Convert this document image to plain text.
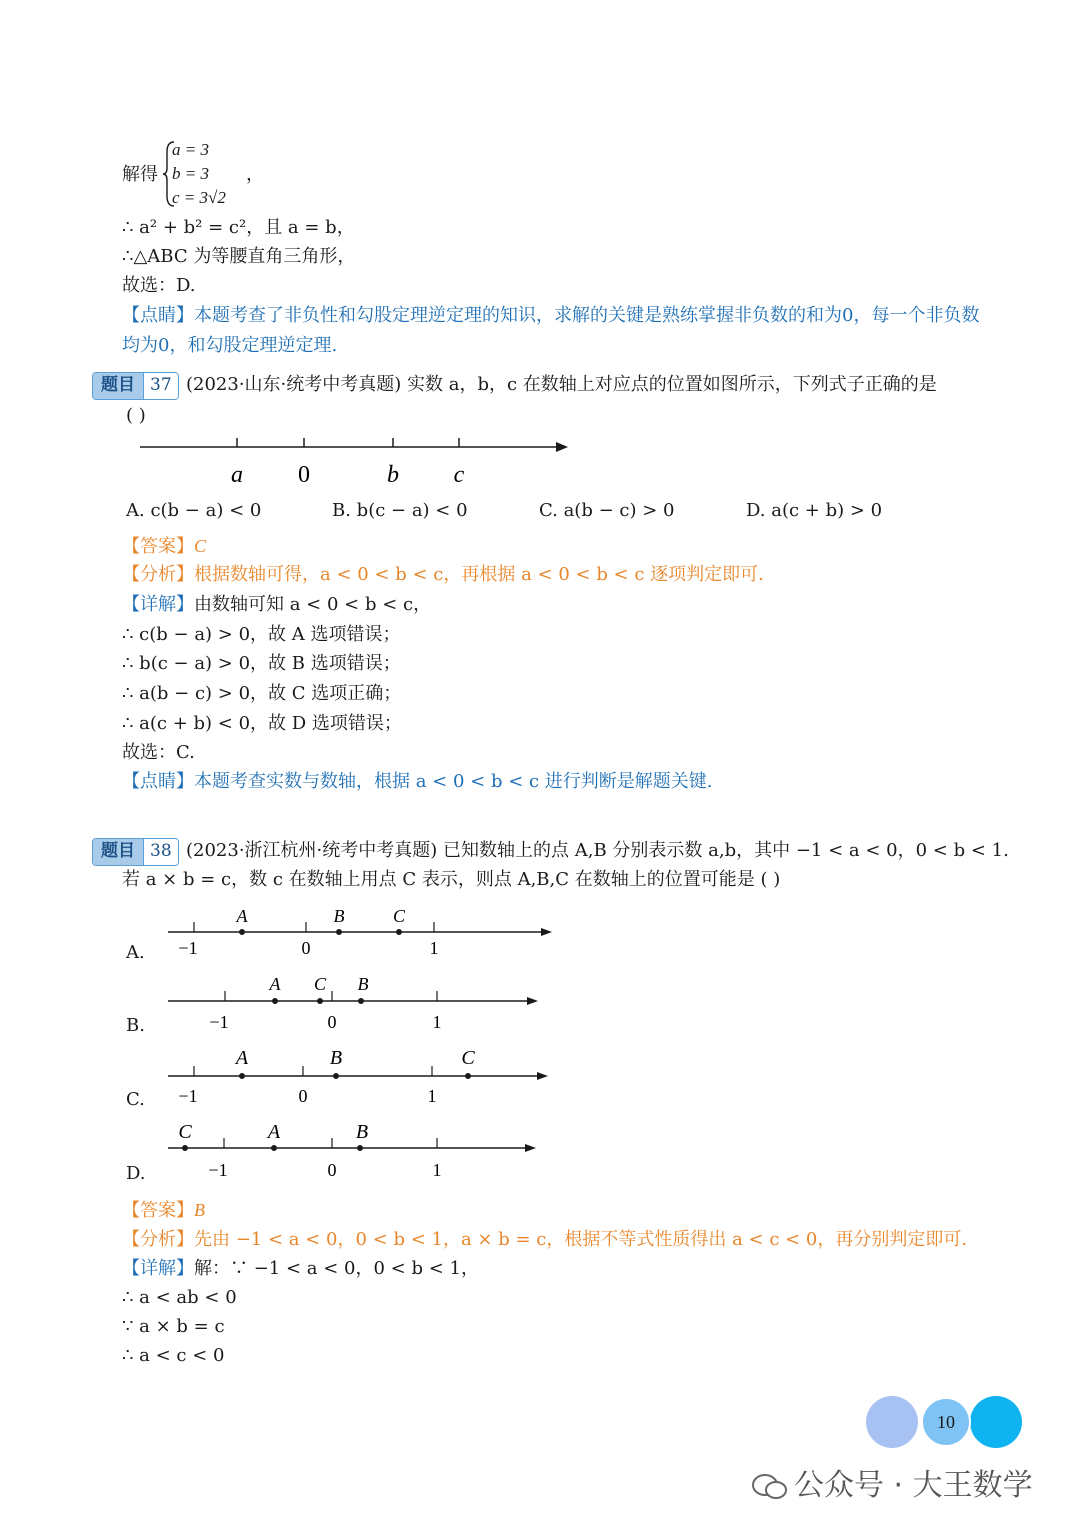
解得
a = 3
b = 3
c = 3√2
，
∴ a² + b² = c²，且 a = b，
∴△ABC 为等腰直角三角形，
故选：D.
【点睛】本题考查了非负性和勾股定理逆定理的知识，求解的关键是熟练掌握非负数的和为0，每一个非负数均为0，和勾股定理逆定理.
题目 37 (2023·山东·统考中考真题) 实数 a，b，c 在数轴上对应点的位置如图所示，下列式子正确的是
( )
a 0	b c
A. c(b − a) < 0	B. b(c − a) < 0	C. a(b − c) > 0	D. a(c + b) > 0
【答案】C
【分析】根据数轴可得，a < 0 < b < c，再根据 a < 0 < b < c 逐项判定即可.
【详解】由数轴可知 a < 0 < b < c，
∴ c(b − a) > 0，故 A 选项错误；
∴ b(c − a) > 0，故 B 选项错误；
∴ a(b − c) > 0，故 C 选项正确；
∴ a(c + b) < 0，故 D 选项错误；
故选：C.
【点睛】本题考查实数与数轴，根据 a < 0 < b < c 进行判断是解题关键.
题目 38 (2023·浙江杭州·统考中考真题) 已知数轴上的点 A,B 分别表示数 a,b，其中 −1 < a < 0，0 < b < 1.
若 a × b = c，数 c 在数轴上用点 C 表示，则点 A,B,C 在数轴上的位置可能是 ( )
A.
A	B	C
−1	0	1
B.
A C B
−1	0	1
C.
A	B	C
−1	0	1
D.
C	A	B
−1	0	1
【答案】B
【分析】先由 −1 < a < 0，0 < b < 1，a × b = c，根据不等式性质得出 a < c < 0，再分别判定即可.
【详解】解：∵ −1 < a < 0，0 < b < 1，
∴ a < ab < 0
∵ a × b = c
∴ a < c < 0
10
公众号 · 大王数学
